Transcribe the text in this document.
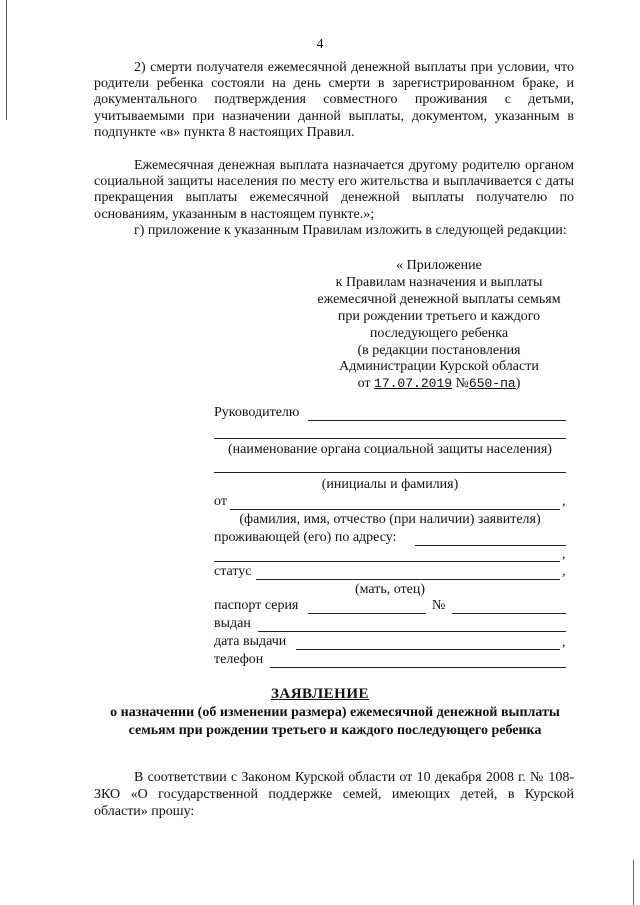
4
2) смерти получателя ежемесячной денежной выплаты при условии, что родители ребенка состояли на день смерти в зарегистрированном браке, и документального подтверждения совместного проживания с детьми, учитываемыми при назначении данной выплаты, документом, указанным в подпункте «в» пункта 8 настоящих Правил.
Ежемесячная денежная выплата назначается другому родителю органом социальной защиты населения по месту его жительства и выплачивается с даты прекращения выплаты ежемесячной денежной выплаты получателю по основаниям, указанным в настоящем пункте.»;
г) приложение к указанным Правилам изложить в следующей редакции:
« Приложение
к Правилам назначения и выплаты
ежемесячной денежной выплаты семьям
при рождении третьего и каждого
последующего ребенка
(в редакции постановления
Администрации Курской области
от 17.07.2019 №650-па)
Руководителю
(наименование органа социальной защиты населения)
(инициалы и фамилия)
от	,
(фамилия, имя, отчество (при наличии) заявителя)
проживающей (его) по адресу:
,
статус	,
(мать, отец)
паспорт серия	№
выдан
дата выдачи	,
телефон
ЗАЯВЛЕНИЕ
о назначении (об изменении размера) ежемесячной денежной выплаты семьям при рождении третьего и каждого последующего ребенка
В соответствии с Законом Курской области от 10 декабря 2008 г. № 108-ЗКО «О государственной поддержке семей, имеющих детей, в Курской области» прошу:
